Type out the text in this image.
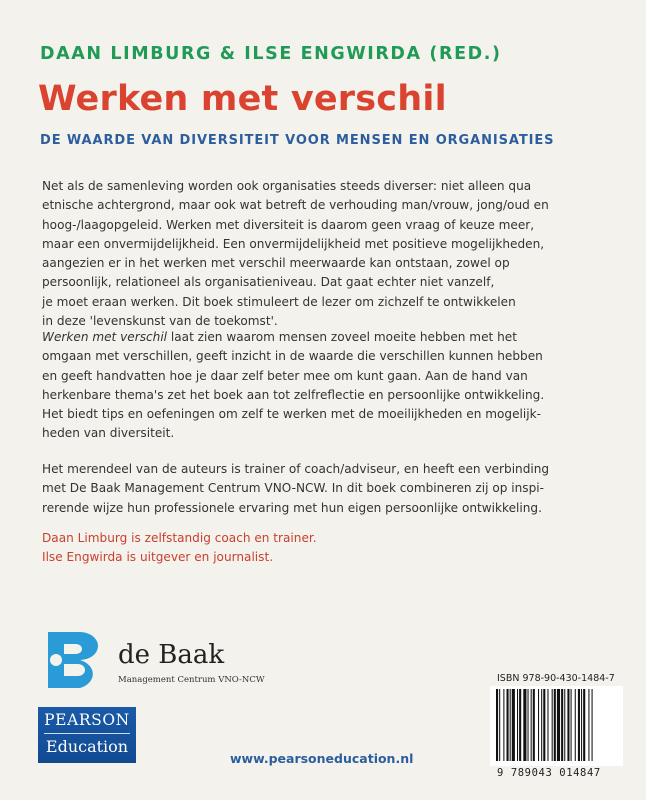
DAAN LIMBURG & ILSE ENGWIRDA (RED.)
Werken met verschil
DE WAARDE VAN DIVERSITEIT VOOR MENSEN EN ORGANISATIES
Net als de samenleving worden ook organisaties steeds diverser: niet alleen qua
etnische achtergrond, maar ook wat betreft de verhouding man/vrouw, jong/oud en
hoog-/laagopgeleid. Werken met diversiteit is daarom geen vraag of keuze meer,
maar een onvermijdelijkheid. Een onvermijdelijkheid met positieve mogelijkheden,
aangezien er in het werken met verschil meerwaarde kan ontstaan, zowel op
persoonlijk, relationeel als organisatieniveau. Dat gaat echter niet vanzelf,
je moet eraan werken. Dit boek stimuleert de lezer om zichzelf te ontwikkelen
in deze 'levenskunst van de toekomst'.
Werken met verschil laat zien waarom mensen zoveel moeite hebben met het
omgaan met verschillen, geeft inzicht in de waarde die verschillen kunnen hebben
en geeft handvatten hoe je daar zelf beter mee om kunt gaan. Aan de hand van
herkenbare thema's zet het boek aan tot zelfreflectie en persoonlijke ontwikkeling.
Het biedt tips en oefeningen om zelf te werken met de moeilijkheden en mogelijk-
heden van diversiteit.
Het merendeel van de auteurs is trainer of coach/adviseur, en heeft een verbinding
met De Baak Management Centrum VNO-NCW. In dit boek combineren zij op inspi-
rerende wijze hun professionele ervaring met hun eigen persoonlijke ontwikkeling.
Daan Limburg is zelfstandig coach en trainer.
Ilse Engwirda is uitgever en journalist.
de Baak
Management Centrum VNO-NCW
PEARSON
Education
www.pearsoneducation.nl
ISBN 978-90-430-1484-7
9 789043 014847
